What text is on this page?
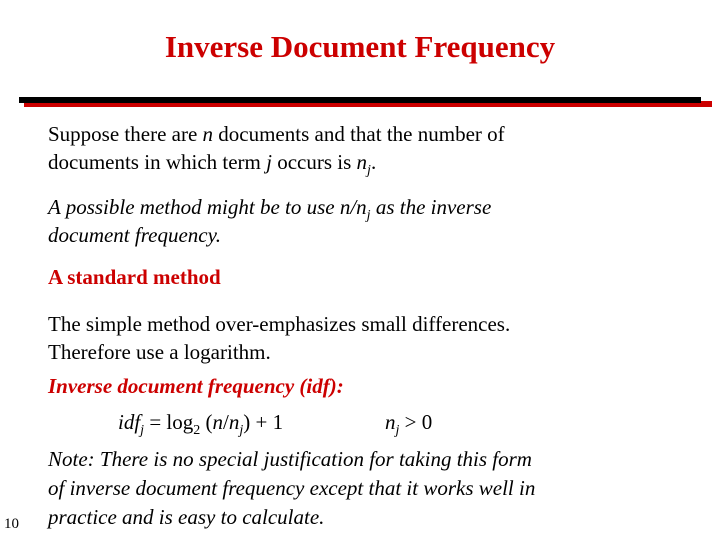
Inverse Document Frequency
Suppose there are n documents and that the number of
documents in which term j occurs is $n_j$.
A possible method might be to use $n/n_j$ as the inverse
document frequency.
A standard method
The simple method over-emphasizes small differences.
Therefore use a logarithm.
Inverse document frequency (idf):
$idf_j = \log_2 (n/n_j) + 1$	$n_j > 0$
Note: There is no special justification for taking this form
of inverse document frequency except that it works well in
practice and is easy to calculate.
10
